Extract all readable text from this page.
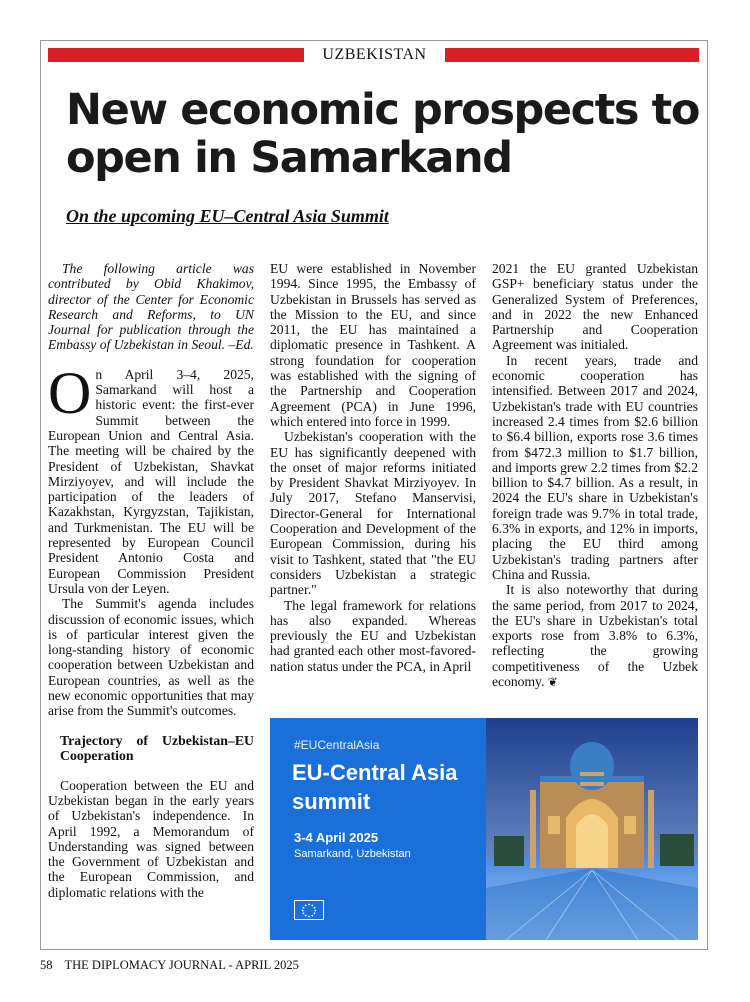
UZBEKISTAN
New economic prospects to open in Samarkand
On the upcoming EU–Central Asia Summit

The following article was contributed by Obid Khakimov, director of the Center for Economic Research and Reforms, to UN Journal for publication through the Embassy of Uzbekistan in Seoul. –Ed.

On April 3–4, 2025, Samarkand will host a historic event: the first-ever Summit between the European Union and Central Asia. The meeting will be chaired by the President of Uzbekistan, Shavkat Mirziyoyev, and will include the participation of the leaders of Kazakhstan, Kyrgyzstan, Tajikistan, and Turkmenistan. The EU will be represented by European Council President Antonio Costa and European Commission President Ursula von der Leyen.

The Summit's agenda includes discussion of economic issues, which is of particular interest given the long-standing history of economic cooperation between Uzbekistan and European countries, as well as the new economic opportunities that may arise from the Summit's outcomes.

Trajectory of Uzbekistan–EU Cooperation

Cooperation between the EU and Uzbekistan began in the early years of Uzbekistan's independence. In April 1992, a Memorandum of Understanding was signed between the Government of Uzbekistan and the European Commission, and diplomatic relations with the

EU were established in November 1994. Since 1995, the Embassy of Uzbekistan in Brussels has served as the Mission to the EU, and since 2011, the EU has maintained a diplomatic presence in Tashkent. A strong foundation for cooperation was established with the signing of the Partnership and Cooperation Agreement (PCA) in June 1996, which entered into force in 1999.

Uzbekistan's cooperation with the EU has significantly deepened with the onset of major reforms initiated by President Shavkat Mirziyoyev. In July 2017, Stefano Manservisi, Director-General for International Cooperation and Development of the European Commission, during his visit to Tashkent, stated that "the EU considers Uzbekistan a strategic partner."

The legal framework for relations has also expanded. Whereas previously the EU and Uzbekistan had granted each other most-favored-nation status under the PCA, in April

2021 the EU granted Uzbekistan GSP+ beneficiary status under the Generalized System of Preferences, and in 2022 the new Enhanced Partnership and Cooperation Agreement was initialed.

In recent years, trade and economic cooperation has intensified. Between 2017 and 2024, Uzbekistan's trade with EU countries increased 2.4 times from $2.6 billion to $6.4 billion, exports rose 3.6 times from $472.3 million to $1.7 billion, and imports grew 2.2 times from $2.2 billion to $4.7 billion. As a result, in 2024 the EU's share in Uzbekistan's foreign trade was 9.7% in total trade, 6.3% in exports, and 12% in imports, placing the EU third among Uzbekistan's trading partners after China and Russia.

It is also noteworthy that during the same period, from 2017 to 2024, the EU's share in Uzbekistan's total exports rose from 3.8% to 6.3%, reflecting the growing competitiveness of the Uzbek economy. ❦

#EUCentralAsia
EU-Central Asia summit
3-4 April 2025
Samarkand, Uzbekistan
58 THE DIPLOMACY JOURNAL - APRIL 2025
